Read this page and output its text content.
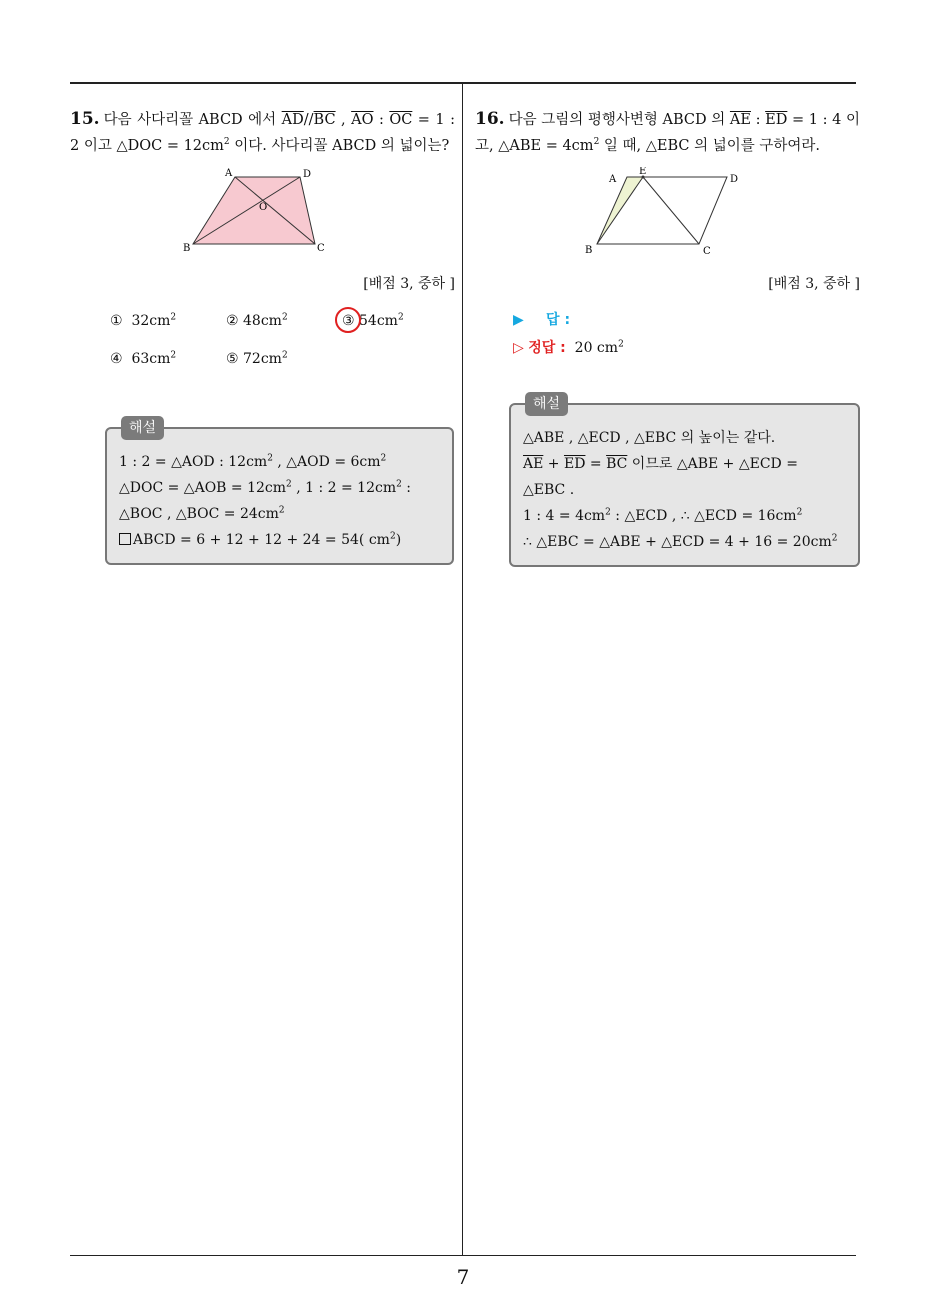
7
15. 다음 사다리꼴 ABCD 에서 $\overline{AD}//\overline{BC}$ , $\overline{AO}$ : $\overline{OC} = 1$ : 2 이고 △DOC = $12cm^2$ 이다. 사다리꼴 ABCD 의 넓이는?
A	D
O
B	C
[배점 3, 중하 ]
① $32cm^2$	② $48cm^2$	③ $54cm^2$
④ $63cm^2$	⑤ $72cm^2$
해설
1 : 2 = △AOD : $12cm^2$ , △AOD = $6cm^2$
△DOC = △AOB = $12cm^2$ , 1 : $2 = 12cm^2$ :
△BOC , △BOC = $24cm^2$
ABCD = 6 + 12 + 12 + 24 = 54( $cm^2$)
16. 다음 그림의 평행사변형 ABCD 의 $\overline{AE}$ : $\overline{ED} = 1$ : 4 이고, △ABE = $4cm^2$ 일 때, △EBC 의 넓이를 구하여라.
A
E
D
B	C
[배점 3, 중하 ]
▶ 답 :
▷ 정답 : 20 $cm^2$
해설
△ABE , △ECD , △EBC 의 높이는 같다.
$\overline{AE} + \overline{ED} = \overline{BC}$ 이므로 △ABE + △ECD =
△EBC .
1 : $4 = 4cm^2$ : △ECD , ∴ △ECD = $16cm^2$
∴ △EBC = △ABE + △ECD = $4 + 16 = 20cm^2$
